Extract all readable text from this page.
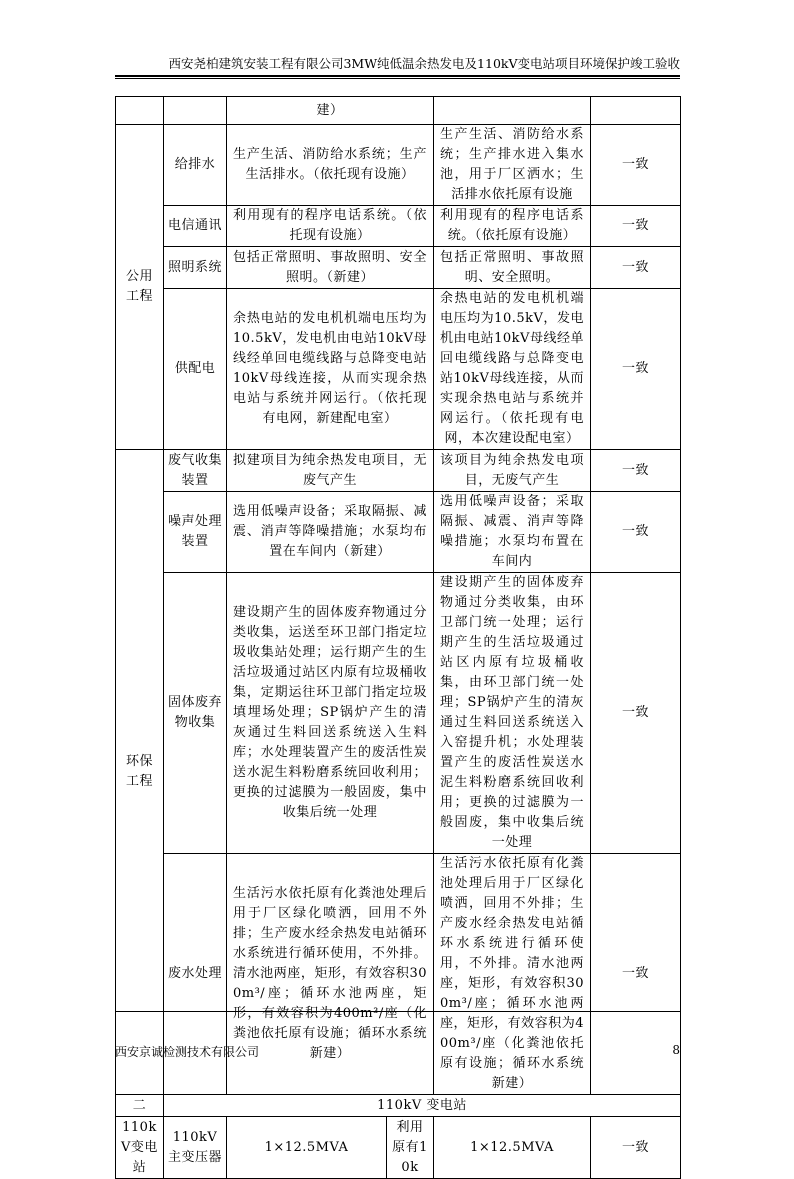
西安尧柏建筑安装工程有限公司3MW纯低温余热发电及110kV变电站项目环境保护竣工验收
		建）			
公用工程	给排水	生产生活、消防给水系统；生产生活排水。（依托现有设施）		生产生活、消防给水系统；生产排水进入集水池，用于厂区洒水；生活排水依托原有设施	一致
	电信通讯	利用现有的程序电话系统。（依托现有设施）		利用现有的程序电话系统。（依托原有设施）	一致
	照明系统	包括正常照明、事故照明、安全照明。（新建）		包括正常照明、事故照明、安全照明。	一致
	供配电	余热电站的发电机机端电压均为10.5kV，发电机由电站10kV母线经单回电缆线路与总降变电站10kV母线连接，从而实现余热电站与系统并网运行。（依托现有电网，新建配电室）		余热电站的发电机机端电压均为10.5kV，发电机由电站10kV母线经单回电缆线路与总降变电站10kV母线连接，从而实现余热电站与系统并网运行。（依托现有电网，本次建设配电室）	一致
环保工程	废气收集装置	拟建项目为纯余热发电项目，无废气产生		该项目为纯余热发电项目，无废气产生	一致
	噪声处理装置	选用低噪声设备；采取隔振、减震、消声等降噪措施；水泵均布置在车间内（新建）		选用低噪声设备；采取隔振、减震、消声等降噪措施；水泵均布置在车间内	一致
	固体废弃物收集	建设期产生的固体废弃物通过分类收集，运送至环卫部门指定垃圾收集站处理；运行期产生的生活垃圾通过站区内原有垃圾桶收集，定期运往环卫部门指定垃圾填埋场处理；SP锅炉产生的清灰通过生料回送系统送入生料库；水处理装置产生的废活性炭送水泥生料粉磨系统回收利用；更换的过滤膜为一般固废，集中收集后统一处理		建设期产生的固体废弃物通过分类收集，由环卫部门统一处理；运行期产生的生活垃圾通过站区内原有垃圾桶收集，由环卫部门统一处理；SP锅炉产生的清灰通过生料回送系统送入入窑提升机；水处理装置产生的废活性炭送水泥生料粉磨系统回收利用；更换的过滤膜为一般固废，集中收集后统一处理	一致
	废水处理	生活污水依托原有化粪池处理后用于厂区绿化喷洒，回用不外排；生产废水经余热发电站循环水系统进行循环使用，不外排。清水池两座，矩形，有效容积300m³/座；循环水池两座，矩形，有效容积为400m³/座（化粪池依托原有设施；循环水系统新建）		生活污水依托原有化粪池处理后用于厂区绿化喷洒，回用不外排；生产废水经余热发电站循环水系统进行循环使用，不外排。清水池两座，矩形，有效容积300m³/座；循环水池两座，矩形，有效容积为400m³/座（化粪池依托原有设施；循环水系统新建）	一致
二	110kV 变电站				
110kV变电站	110kV主变压器	1×12.5MVA	利用原有10k	1×12.5MVA	一致
西安京诚检测技术有限公司	8
